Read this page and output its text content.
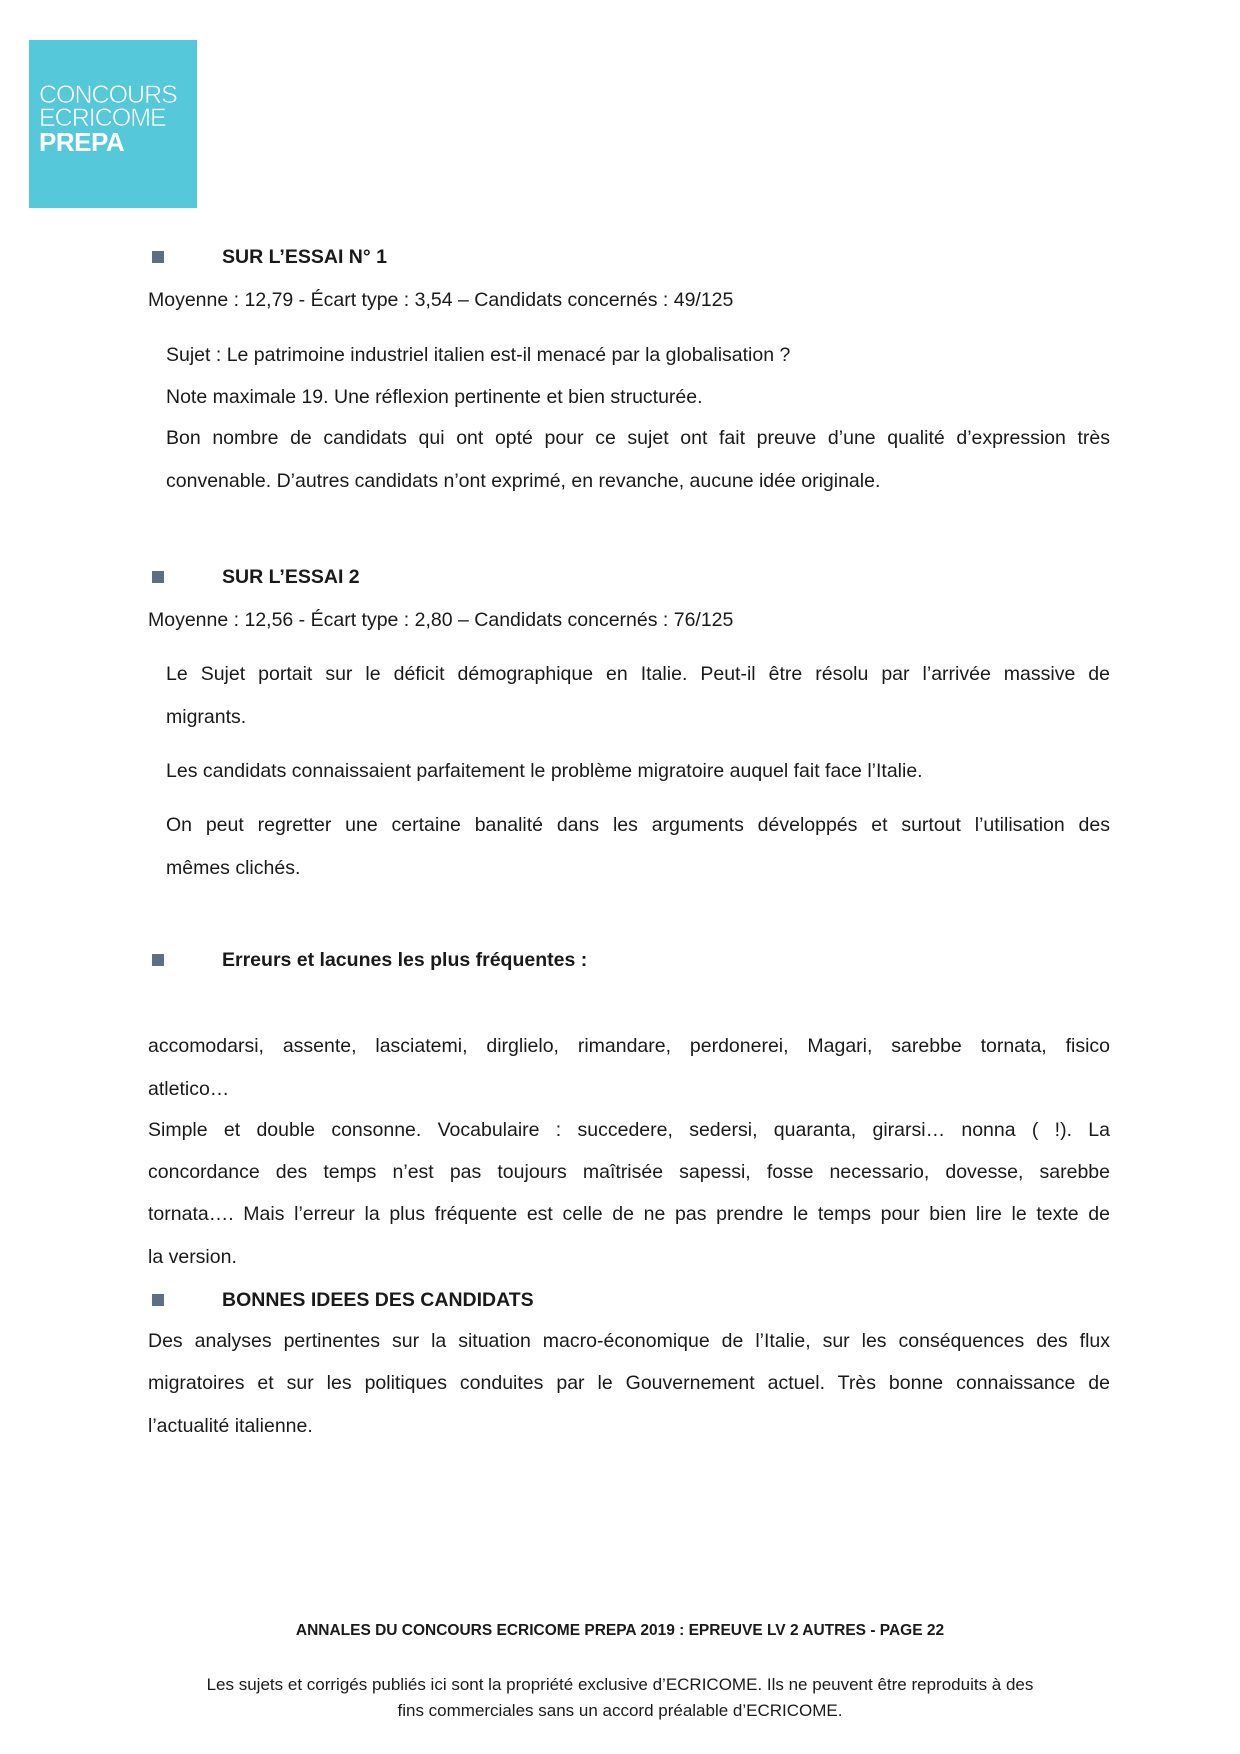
CONCOURS
ECRICOME
PREPA
SUR L’ESSAI N° 1
Moyenne : 12,79 - Écart type : 3,54 – Candidats concernés : 49/125
Sujet : Le patrimoine industriel italien est-il menacé par la globalisation ?
Note maximale 19. Une réflexion pertinente et bien structurée.
Bon nombre de candidats qui ont opté pour ce sujet ont fait preuve d’une qualité d’expression très
convenable. D’autres candidats n’ont exprimé, en revanche, aucune idée originale.
SUR L’ESSAI 2
Moyenne : 12,56 - Écart type : 2,80 – Candidats concernés : 76/125
Le Sujet portait sur le déficit démographique en Italie. Peut-il être résolu par l’arrivée massive de
migrants.
Les candidats connaissaient parfaitement le problème migratoire auquel fait face l’Italie.
On peut regretter une certaine banalité dans les arguments développés et surtout l’utilisation des
mêmes clichés.
Erreurs et lacunes les plus fréquentes :
accomodarsi, assente, lasciatemi, dirglielo, rimandare, perdonerei, Magari, sarebbe tornata, fisico
atletico…
Simple et double consonne. Vocabulaire : succedere, sedersi, quaranta, girarsi… nonna ( !). La
concordance des temps n’est pas toujours maîtrisée sapessi, fosse necessario, dovesse, sarebbe
tornata…. Mais l’erreur la plus fréquente est celle de ne pas prendre le temps pour bien lire le texte de
la version.
BONNES IDEES DES CANDIDATS
Des analyses pertinentes sur la situation macro-économique de l’Italie, sur les conséquences des flux
migratoires et sur les politiques conduites par le Gouvernement actuel. Très bonne connaissance de
l’actualité italienne.
ANNALES DU CONCOURS ECRICOME PREPA 2019 : EPREUVE LV 2 AUTRES - PAGE 22
Les sujets et corrigés publiés ici sont la propriété exclusive d’ECRICOME. Ils ne peuvent être reproduits à des
fins commerciales sans un accord préalable d’ECRICOME.
